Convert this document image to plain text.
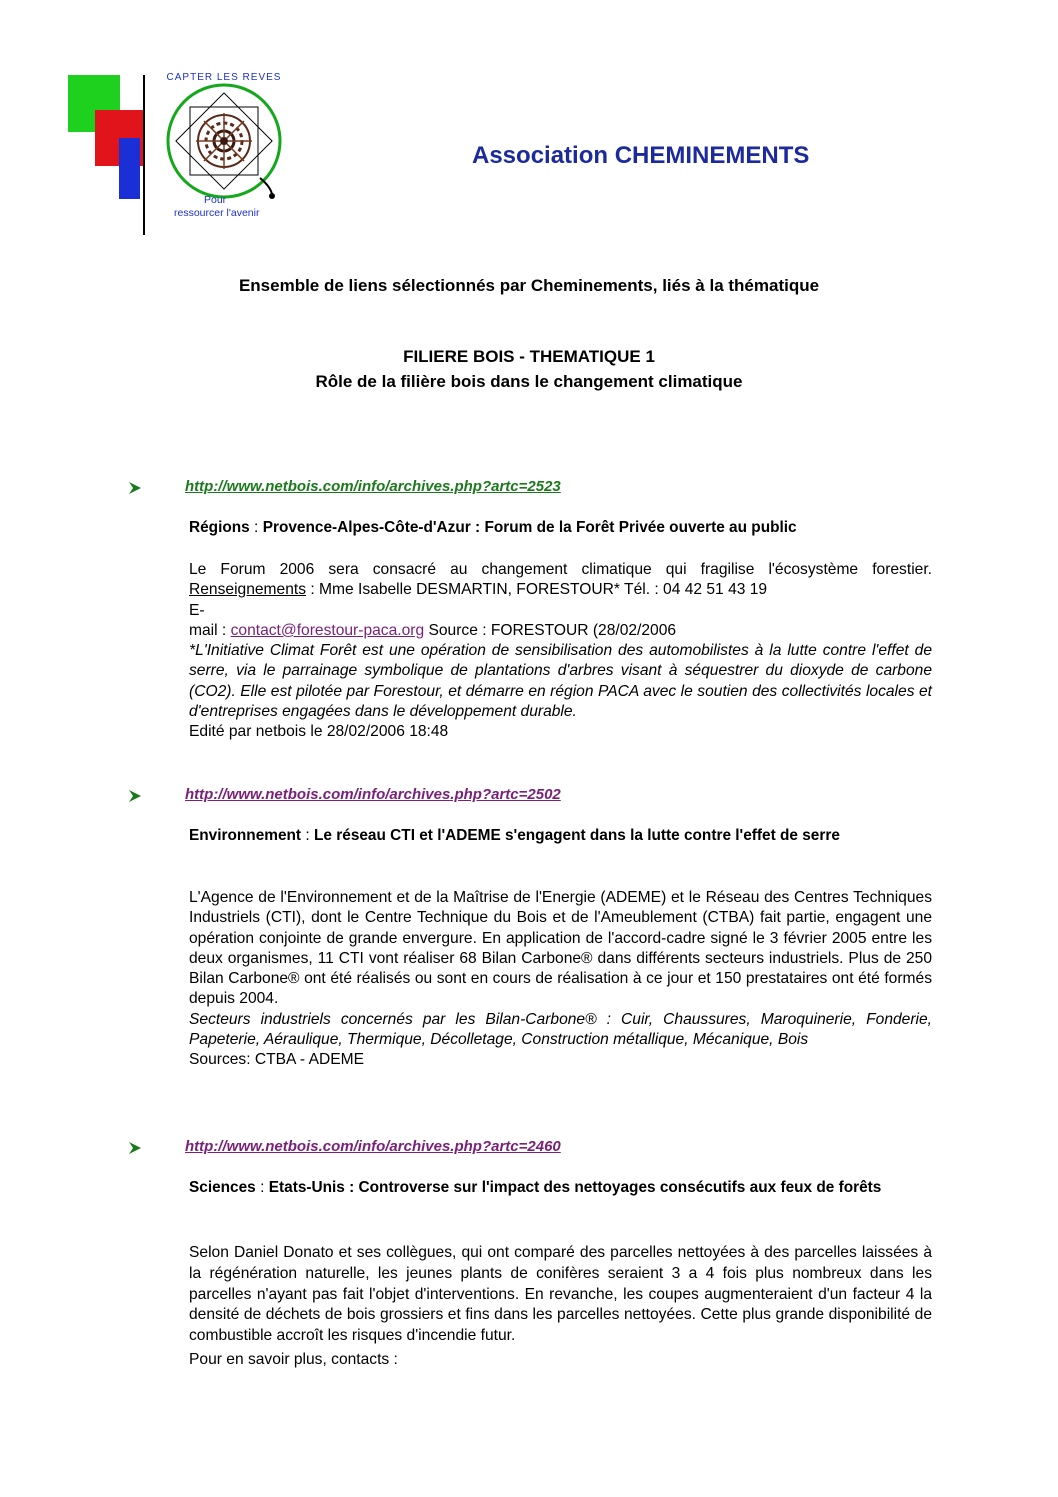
CAPTER LES REVES
Pour
ressourcer l'avenir
Association CHEMINEMENTS
Ensemble de liens sélectionnés par Cheminements, liés à la thématique
FILIERE BOIS - THEMATIQUE 1
Rôle de la filière bois dans le changement climatique
http://www.netbois.com/info/archives.php?artc=2523
Régions : Provence-Alpes-Côte-d'Azur : Forum de la Forêt Privée ouverte au public

Le Forum 2006 sera consacré au changement climatique qui fragilise l'écosystème forestier. Renseignements : Mme Isabelle DESMARTIN, FORESTOUR* Tél. : 04 42 51 43 19

E-

mail : contact@forestour-paca.org Source : FORESTOUR (28/02/2006

*L'Initiative Climat Forêt est une opération de sensibilisation des automobilistes à la lutte contre l'effet de serre, via le parrainage symbolique de plantations d'arbres visant à séquestrer du dioxyde de carbone (CO2). Elle est pilotée par Forestour, et démarre en région PACA avec le soutien des collectivités locales et d'entreprises engagées dans le développement durable.

Edité par netbois le 28/02/2006 18:48

http://www.netbois.com/info/archives.php?artc=2502
Environnement : Le réseau CTI et l'ADEME s'engagent dans la lutte contre l'effet de serre

L'Agence de l'Environnement et de la Maîtrise de l'Energie (ADEME) et le Réseau des Centres Techniques Industriels (CTI), dont le Centre Technique du Bois et de l'Ameublement (CTBA) fait partie, engagent une opération conjointe de grande envergure. En application de l'accord-cadre signé le 3 février 2005 entre les deux organismes, 11 CTI vont réaliser 68 Bilan Carbone® dans différents secteurs industriels. Plus de 250 Bilan Carbone® ont été réalisés ou sont en cours de réalisation à ce jour et 150 prestataires ont été formés depuis 2004.

Secteurs industriels concernés par les Bilan-Carbone® : Cuir, Chaussures, Maroquinerie, Fonderie, Papeterie, Aéraulique, Thermique, Décolletage, Construction métallique, Mécanique, Bois

Sources: CTBA - ADEME

http://www.netbois.com/info/archives.php?artc=2460
Sciences : Etats-Unis : Controverse sur l'impact des nettoyages consécutifs aux feux de forêts

Selon Daniel Donato et ses collègues, qui ont comparé des parcelles nettoyées à des parcelles laissées à la régénération naturelle, les jeunes plants de conifères seraient 3 a 4 fois plus nombreux dans les parcelles n'ayant pas fait l'objet d'interventions. En revanche, les coupes augmenteraient d'un facteur 4 la densité de déchets de bois grossiers et fins dans les parcelles nettoyées. Cette plus grande disponibilité de combustible accroît les risques d'incendie futur.

Pour en savoir plus, contacts :
